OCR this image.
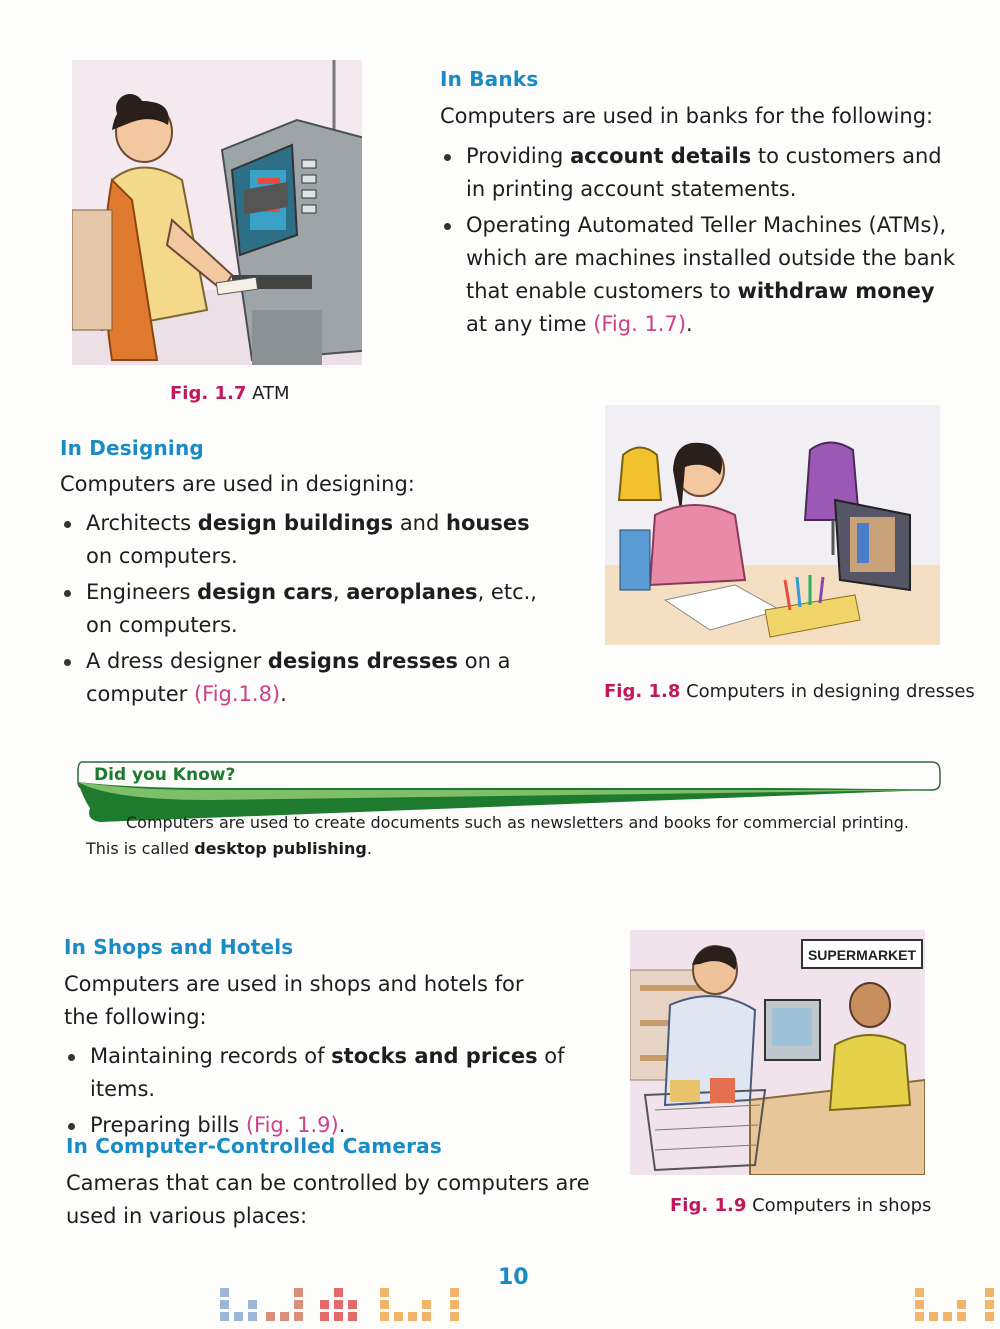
In Banks
Computers are used in banks for the following:
Providing account details to customers and in printing account statements.
Operating Automated Teller Machines (ATMs), which are machines installed outside the bank that enable customers to withdraw money at any time (Fig. 1.7).
Fig. 1.7 ATM
In Designing
Computers are used in designing:
Architects design buildings and houses on computers.
Engineers design cars, aeroplanes, etc., on computers.
A dress designer designs dresses on a computer (Fig.1.8).	Fig. 1.8 Computers in designing dresses
Did you Know?
Computers are used to create documents such as newsletters and books for commercial printing. This is called desktop publishing.
In Shops and Hotels
Computers are used in shops and hotels for the following:
Maintaining records of stocks and prices of items.
Preparing bills (Fig. 1.9).
In Computer-Controlled Cameras
Cameras that can be controlled by computers are used in various places:
SUPERMARKET
Fig. 1.9 Computers in shops
10
